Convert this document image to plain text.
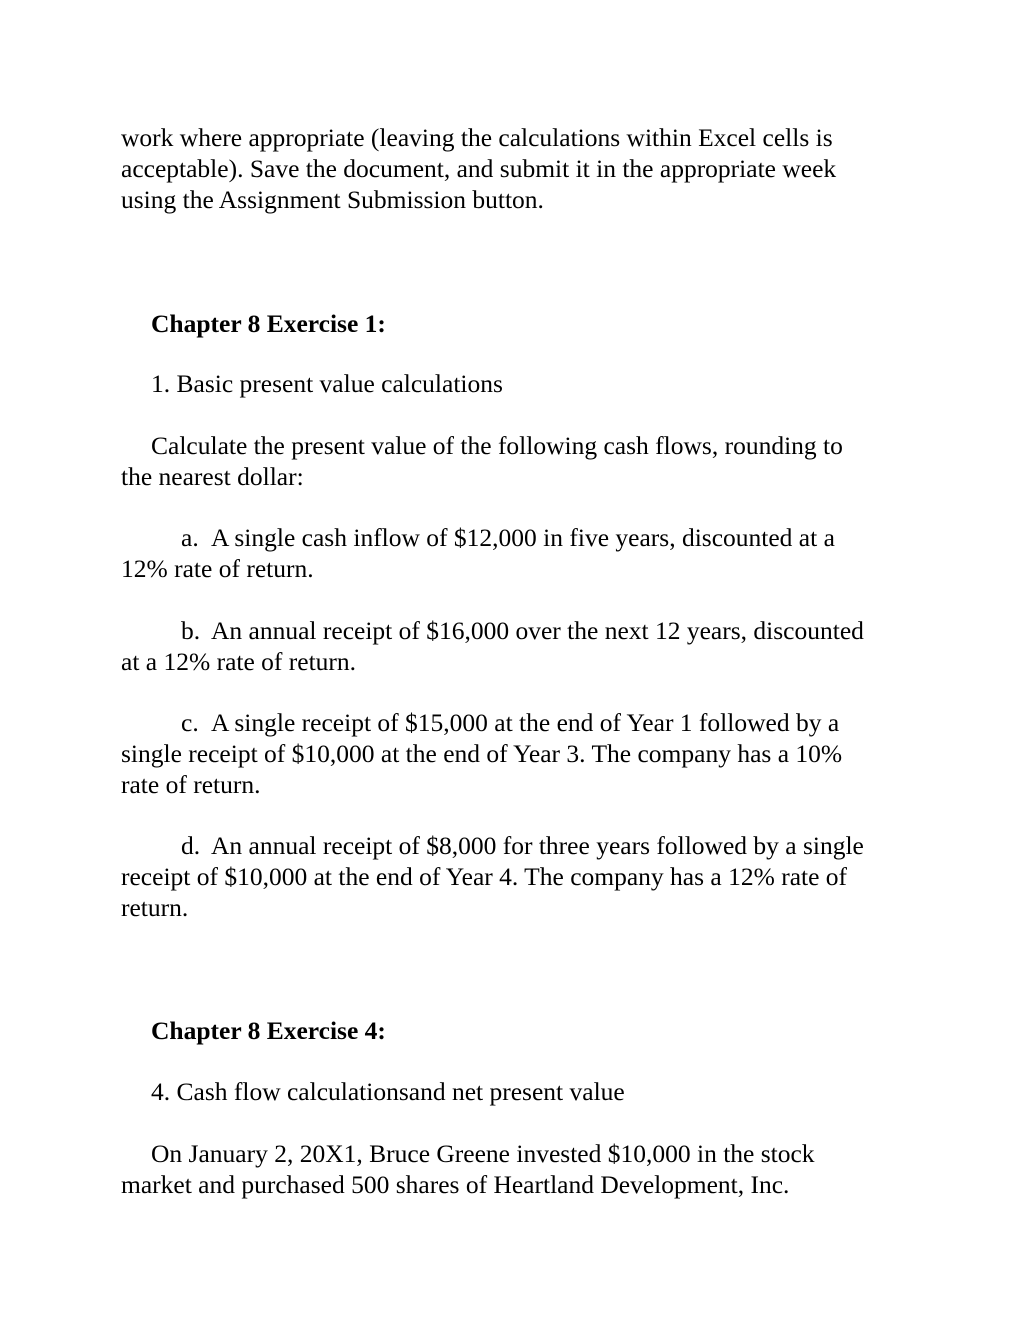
work where appropriate (leaving the calculations within Excel cells is
acceptable). Save the document, and submit it in the appropriate week
using the Assignment Submission button.
Chapter 8 Exercise 1:
1. Basic present value calculations
Calculate the present value of the following cash flows, rounding to
the nearest dollar:
a. A single cash inflow of $12,000 in five years, discounted at a
12% rate of return.
b. An annual receipt of $16,000 over the next 12 years, discounted
at a 12% rate of return.
c. A single receipt of $15,000 at the end of Year 1 followed by a
single receipt of $10,000 at the end of Year 3. The company has a 10%
rate of return.
d. An annual receipt of $8,000 for three years followed by a single
receipt of $10,000 at the end of Year 4. The company has a 12% rate of
return.
Chapter 8 Exercise 4:
4. Cash flow calculationsand net present value
On January 2, 20X1, Bruce Greene invested $10,000 in the stock
market and purchased 500 shares of Heartland Development, Inc.
